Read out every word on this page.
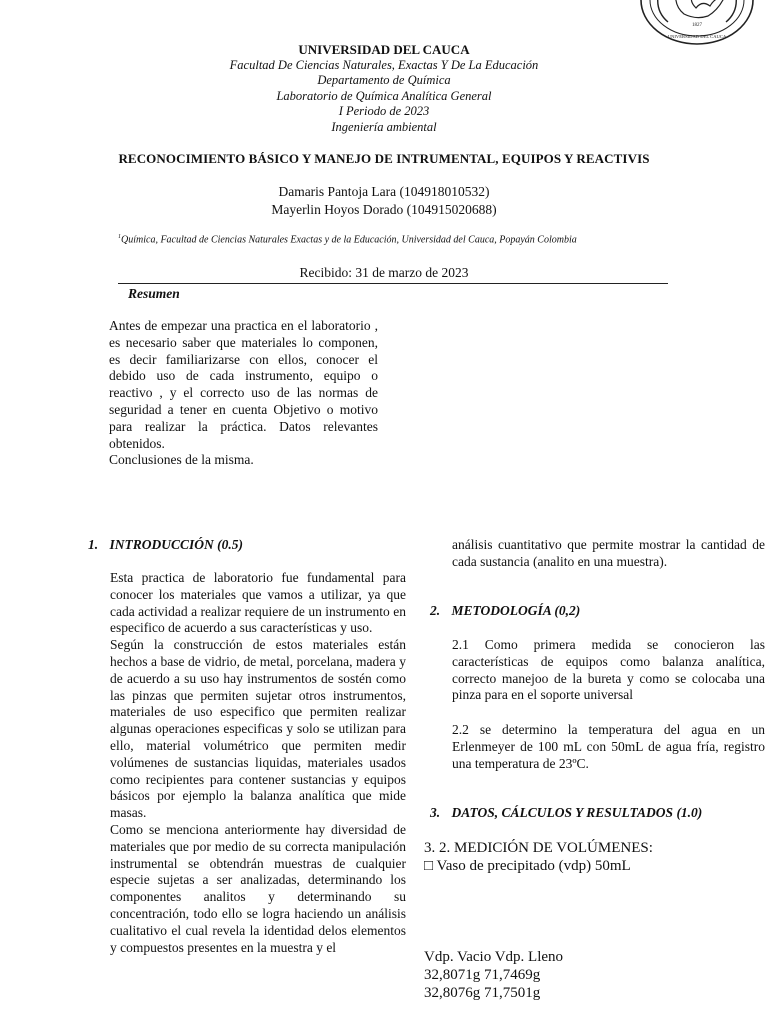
1827
UNIVERSIDAD DEL CAUCA
UNIVERSIDAD DEL CAUCA
Facultad De Ciencias Naturales, Exactas Y De La Educación
Departamento de Química
Laboratorio de Química Analítica General
I Periodo de 2023
Ingeniería ambiental
RECONOCIMIENTO BÁSICO Y MANEJO DE INTRUMENTAL, EQUIPOS Y REACTIVIS
Damaris Pantoja Lara (104918010532)
Mayerlin Hoyos Dorado (104915020688)
$^1$Química, Facultad de Ciencias Naturales Exactas y de la Educación, Universidad del Cauca, Popayán Colombia
Recibido: 31 de marzo de 2023
Resumen
Antes de empezar una practica en el laboratorio , es necesario saber que materiales lo componen, es decir familiarizarse con ellos, conocer el debido uso de cada instrumento, equipo o reactivo , y el correcto uso de las normas de seguridad a tener en cuenta Objetivo o motivo para realizar la práctica. Datos relevantes obtenidos.
Conclusiones de la misma.
1. INTRODUCCIÓN (0.5)
Esta practica de laboratorio fue fundamental para conocer los materiales que vamos a utilizar, ya que cada actividad a realizar requiere de un instrumento en especifico de acuerdo a sus características y uso.
Según la construcción de estos materiales están hechos a base de vidrio, de metal, porcelana, madera y de acuerdo a su uso hay instrumentos de sostén como las pinzas que permiten sujetar otros instrumentos, materiales de uso especifico que permiten realizar algunas operaciones especificas y solo se utilizan para ello, material volumétrico que permiten medir volúmenes de sustancias liquidas, materiales usados como recipientes para contener sustancias y equipos básicos por ejemplo la balanza analítica que mide masas.
Como se menciona anteriormente hay diversidad de materiales que por medio de su correcta manipulación instrumental se obtendrán muestras de cualquier especie sujetas a ser analizadas, determinando los componentes analitos y determinando su concentración, todo ello se logra haciendo un análisis cualitativo el cual revela la identidad delos elementos y compuestos presentes en la muestra y el
análisis cuantitativo que permite mostrar la cantidad de cada sustancia (analito en una muestra).
2. METODOLOGÍA (0,2)
2.1 Como primera medida se conocieron las características de equipos como balanza analítica, correcto manejoo de la bureta y como se colocaba una pinza para en el soporte universal
2.2 se determino la temperatura del agua en un Erlenmeyer de 100 mL con 50mL de agua fría, registro una temperatura de 23ºC.
3. DATOS, CÁLCULOS Y RESULTADOS (1.0)
3. 2. MEDICIÓN DE VOLÚMENES:
□ Vaso de precipitado (vdp) 50mL
Vdp. Vacio Vdp. Lleno
32,8071g 71,7469g
32,8076g 71,7501g
